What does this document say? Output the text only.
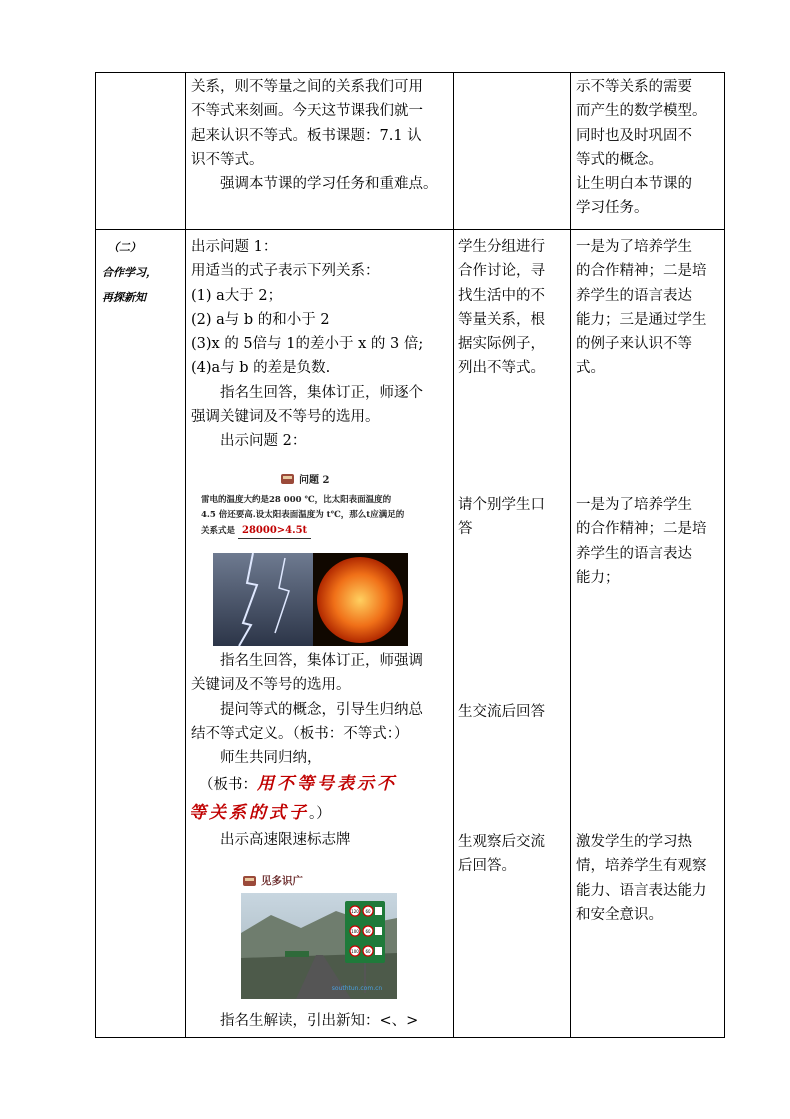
关系，则不等量之间的关系我们可用

不等式来刻画。今天这节课我们就一

起来认识不等式。板书课题：7.1 认

识不等式。

强调本节课的学习任务和重难点。

示不等关系的需要

而产生的数学模型。

同时也及时巩固不

等式的概念。

让生明白本节课的

学习任务。

（二）

合作学习，

再探新知

出示问题 1：

用适当的式子表示下列关系：

(1) a大于 2；

(2) a与 b 的和小于 2

(3)x 的 5倍与 1的差小于 x 的 3 倍;

(4)a与 b 的差是负数.

指名生回答，集体订正，师逐个

强调关键词及不等号的选用。

出示问题 2：

问题 2
雷电的温度大约是28 000 ℃，比太阳表面温度的
4.5 倍还要高.设太阳表面温度为 t℃，那么t应满足的
关系式是 28000>4.5t

指名生回答，集体订正，师强调

关键词及不等号的选用。

提问等式的概念，引导生归纳总

结不等式定义。（板书：不等式：）

师生共同归纳，

（板书：用不等号表示不

等关系的式子。）

出示高速限速标志牌

见多识广
120 60
100 60
100 60
southtun.com.cn

指名生解读，引出新知：<、>

学生分组进行

合作讨论，寻

找生活中的不

等量关系，根

据实际例子，

列出不等式。

请个别学生口

答

生交流后回答

生观察后交流

后回答。

一是为了培养学生

的合作精神；二是培

养学生的语言表达

能力；三是通过学生

的例子来认识不等

式。

一是为了培养学生

的合作精神；二是培

养学生的语言表达

能力；

激发学生的学习热

情，培养学生有观察

能力、语言表达能力

和安全意识。
